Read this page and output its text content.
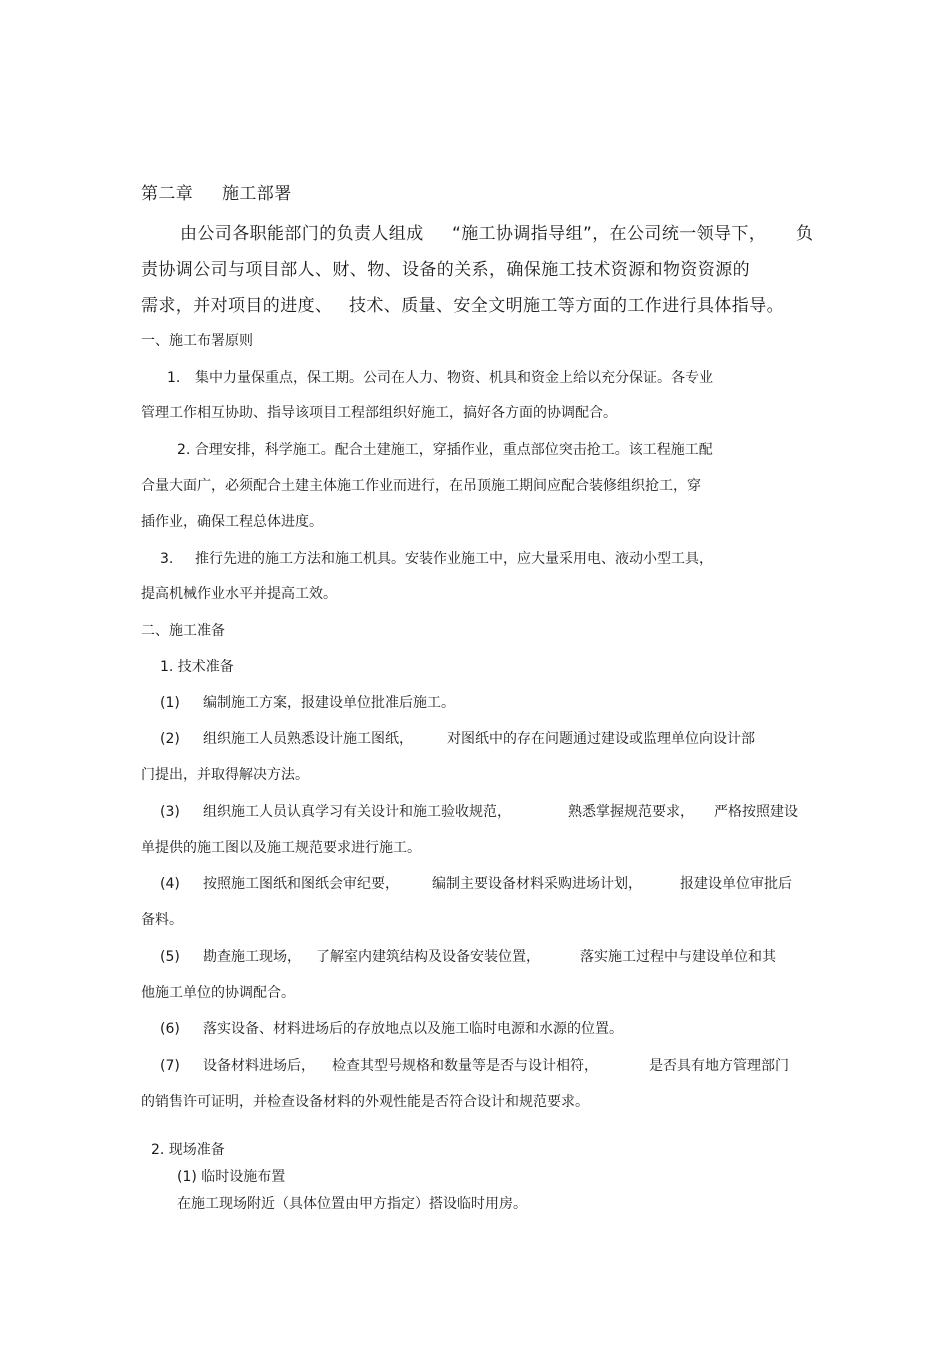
第二章 施工部署
由公司各职能部门的负责人组成 “施工协调指导组”，在公司统一领导下， 负
责协调公司与项目部人、财、物、设备的关系，确保施工技术资源和物资资源的
需求，并对项目的进度、 技术、质量、安全文明施工等方面的工作进行具体指导。
一、施工布署原则
1. 集中力量保重点，保工期。公司在人力、物资、机具和资金上给以充分保证。各专业
管理工作相互协助、指导该项目工程部组织好施工，搞好各方面的协调配合。
2. 合理安排，科学施工。配合土建施工，穿插作业，重点部位突击抢工。该工程施工配
合量大面广，必须配合土建主体施工作业而进行，在吊顶施工期间应配合装修组织抢工，穿
插作业，确保工程总体进度。
3. 推行先进的施工方法和施工机具。安装作业施工中，应大量采用电、液动小型工具，
提高机械作业水平并提高工效。
二、施工准备
1. 技术准备
(1) 编制施工方案，报建设单位批准后施工。
(2) 组织施工人员熟悉设计施工图纸， 对图纸中的存在问题通过建设或监理单位向设计部
门提出，并取得解决方法。
(3) 组织施工人员认真学习有关设计和施工验收规范，	熟悉掌握规范要求， 严格按照建设
单提供的施工图以及施工规范要求进行施工。
(4) 按照施工图纸和图纸会审纪要， 编制主要设备材料采购进场计划，	报建设单位审批后
备料。
(5) 勘查施工现场， 了解室内建筑结构及设备安装位置，	落实施工过程中与建设单位和其
他施工单位的协调配合。
(6) 落实设备、材料进场后的存放地点以及施工临时电源和水源的位置。
(7) 设备材料进场后， 检查其型号规格和数量等是否与设计相符，	是否具有地方管理部门
的销售许可证明，并检查设备材料的外观性能是否符合设计和规范要求。
2. 现场准备
(1) 临时设施布置
在施工现场附近（具体位置由甲方指定）搭设临时用房。
